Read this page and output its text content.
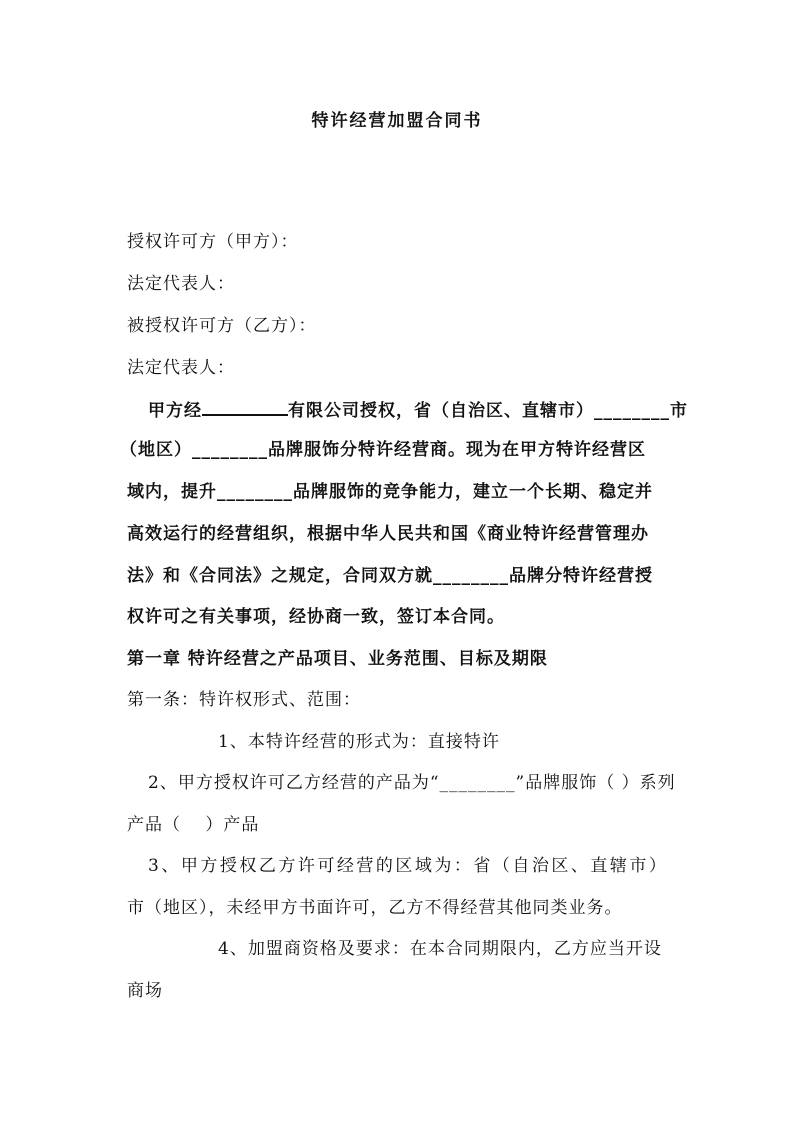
特许经营加盟合同书
授权许可方（甲方）：
法定代表人：
被授权许可方（乙方）：
法定代表人：
甲方经	有限公司授权，省（自治区、直辖市）________市
（地区）________品牌服饰分特许经营商。现为在甲方特许经营区
域内，提升________品牌服饰的竞争能力，建立一个长期、稳定并
高效运行的经营组织，根据中华人民共和国《商业特许经营管理办
法》和《合同法》之规定，合同双方就________品牌分特许经营授
权许可之有关事项，经协商一致，签订本合同。
第一章 特许经营之产品项目、业务范围、目标及期限
第一条：特许权形式、范围：
1、本特许经营的形式为：直接特许
2、甲方授权许可乙方经营的产品为“________”品牌服饰（ ）系列
产品（　 ）产品
3、甲方授权乙方许可经营的区域为：省（自治区、直辖市）
市（地区），未经甲方书面许可，乙方不得经营其他同类业务。
4、加盟商资格及要求：在本合同期限内，乙方应当开设
商场
